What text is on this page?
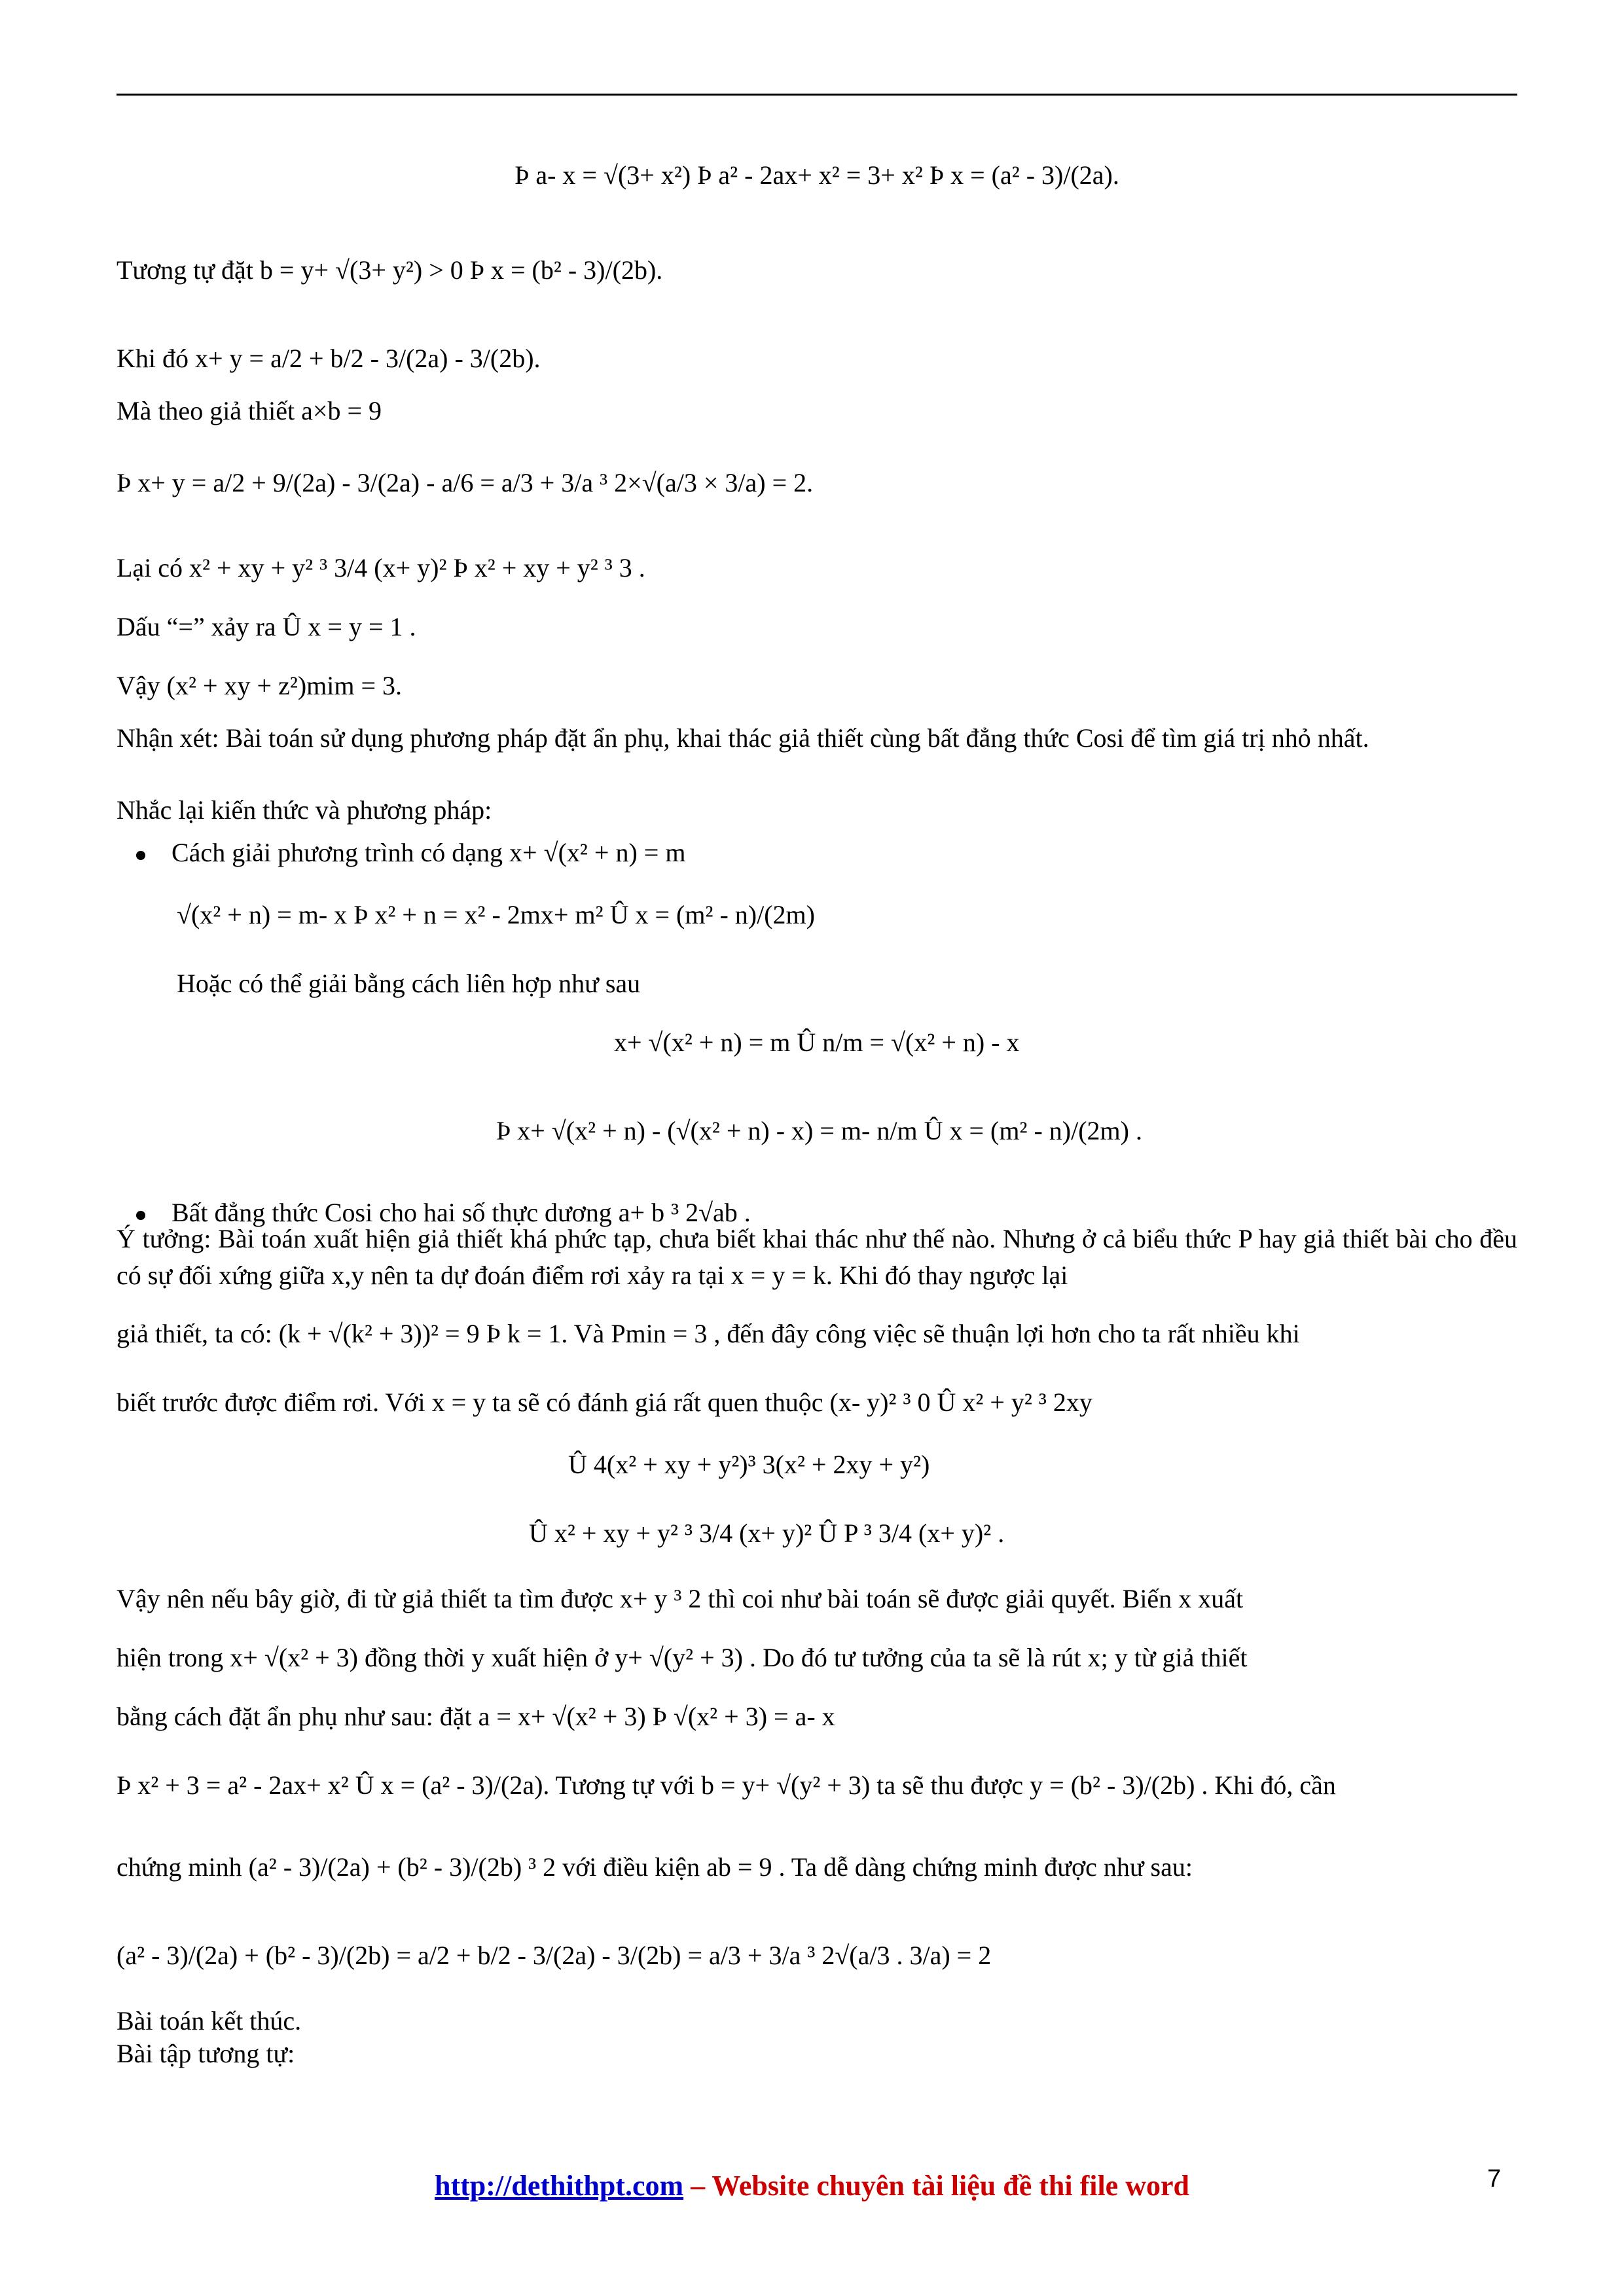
Þ a- x = √(3+ x²) Þ a² - 2ax+ x² = 3+ x² Þ x = (a² - 3)/(2a).
Tương tự đặt b = y+ √(3+ y²) > 0 Þ x = (b² - 3)/(2b).
Khi đó x+ y = a/2 + b/2 - 3/(2a) - 3/(2b).
Mà theo giả thiết a×b = 9
Þ x+ y = a/2 + 9/(2a) - 3/(2a) - a/6 = a/3 + 3/a ³ 2×√(a/3 × 3/a) = 2.
Lại có x² + xy + y² ³ 3/4 (x+ y)² Þ x² + xy + y² ³ 3 .
Dấu “=” xảy ra Û x = y = 1 .
Vậy (x² + xy + z²)mim = 3.
Nhận xét: Bài toán sử dụng phương pháp đặt ẩn phụ, khai thác giả thiết cùng bất đẳng thức Cosi để tìm giá trị nhỏ nhất.
Nhắc lại kiến thức và phương pháp:
Cách giải phương trình có dạng x+ √(x² + n) = m
√(x² + n) = m- x Þ x² + n = x² - 2mx+ m² Û x = (m² - n)/(2m)
Hoặc có thể giải bằng cách liên hợp như sau
x+ √(x² + n) = m Û n/m = √(x² + n) - x
Þ x+ √(x² + n) - (√(x² + n) - x) = m- n/m Û x = (m² - n)/(2m) .
Bất đẳng thức Cosi cho hai số thực dương a+ b ³ 2√ab .
Ý tưởng: Bài toán xuất hiện giả thiết khá phức tạp, chưa biết khai thác như thế nào. Nhưng ở cả biểu thức P hay giả thiết bài cho đều có sự đối xứng giữa x,y nên ta dự đoán điểm rơi xảy ra tại x = y = k. Khi đó thay ngược lại
giả thiết, ta có: (k + √(k² + 3))² = 9 Þ k = 1. Và Pmin = 3 , đến đây công việc sẽ thuận lợi hơn cho ta rất nhiều khi
biết trước được điểm rơi. Với x = y ta sẽ có đánh giá rất quen thuộc (x- y)² ³ 0 Û x² + y² ³ 2xy
Û 4(x² + xy + y²)³ 3(x² + 2xy + y²)
Û x² + xy + y² ³ 3/4 (x+ y)² Û P ³ 3/4 (x+ y)² .
Vậy nên nếu bây giờ, đi từ giả thiết ta tìm được x+ y ³ 2 thì coi như bài toán sẽ được giải quyết. Biến x xuất
hiện trong x+ √(x² + 3) đồng thời y xuất hiện ở y+ √(y² + 3) . Do đó tư tưởng của ta sẽ là rút x; y từ giả thiết
bằng cách đặt ẩn phụ như sau: đặt a = x+ √(x² + 3) Þ √(x² + 3) = a- x
Þ x² + 3 = a² - 2ax+ x² Û x = (a² - 3)/(2a). Tương tự với b = y+ √(y² + 3) ta sẽ thu được y = (b² - 3)/(2b) . Khi đó, cần
chứng minh (a² - 3)/(2a) + (b² - 3)/(2b) ³ 2 với điều kiện ab = 9 . Ta dễ dàng chứng minh được như sau:
(a² - 3)/(2a) + (b² - 3)/(2b) = a/2 + b/2 - 3/(2a) - 3/(2b) = a/3 + 3/a ³ 2√(a/3 . 3/a) = 2
Bài toán kết thúc.
Bài tập tương tự:
http://dethithpt.com – Website chuyên tài liệu đề thi file word	7
